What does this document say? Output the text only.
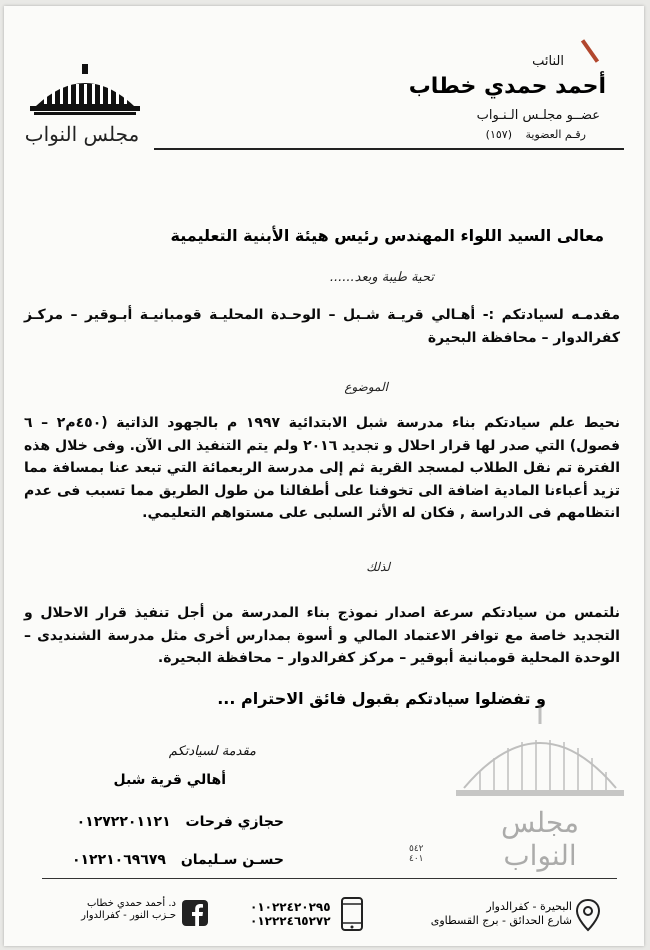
النائب
أحمد حمدي خطاب
عضــو مجلـس الـنـواب
رقـم العضوية (١٥٧)
مجلس النواب
معالى السيد اللواء المهندس رئيس هيئة الأبنية التعليمية
تحية طيبة وبعد......
مقدمـه لسيادتكم :- أهـالي قريـة شـبل – الوحـدة المحليـة قومبانيـة أبـوقير – مركـز كفرالدوار – محافظة البحيرة
الموضوع
نحيط علم سيادتكم بناء مدرسة شبل الابتدائية ١٩٩٧ م بالجهود الذاتية (٤٥٠م٢ – ٦ فصول) التي صدر لها قرار احلال و تجديد ٢٠١٦ ولم يتم التنفيذ الى الآن. وفى خلال هذه الفترة تم نقل الطلاب لمسجد القرية ثم إلى مدرسة الربعمائة التي تبعد عنا بمسافة مما تزيد أعباءنا المادية اضافة الى تخوفنا على أطفالنا من طول الطريق مما تسبب فى عدم انتظامهم فى الدراسة , فكان له الأثر السلبى على مستواهم التعليمي.
لذلك
نلتمس من سيادتكم سرعة اصدار نموذج بناء المدرسة من أجل تنفيذ قرار الاحلال و التجديد خاصة مع توافر الاعتماد المالي و أسوة بمدارس أخرى مثل مدرسة الشنديدى – الوحدة المحلية قومبانية أبوقير – مركز كفرالدوار – محافظة البحيرة.
و تفضلوا سيادتكم بقبول فائق الاحترام ...
مجلس النواب
مقدمة لسيادتكم
أهالي قرية شبل
حجازي فرحات ٠١٢٧٢٢٠١١٢١
حسـن سـليمان ٠١٢٢١٠٦٩٦٧٩
٥٤٢
٤٠١
البحيرة - كفرالدوار
شارع الحدائق - برج القسطاوى
٠١٠٢٢٤٢٠٢٩٥
٠١٢٢٢٤٦٥٢٧٢
د. أحمد حمدي خطاب
حـزب النور - كفرالدوار
